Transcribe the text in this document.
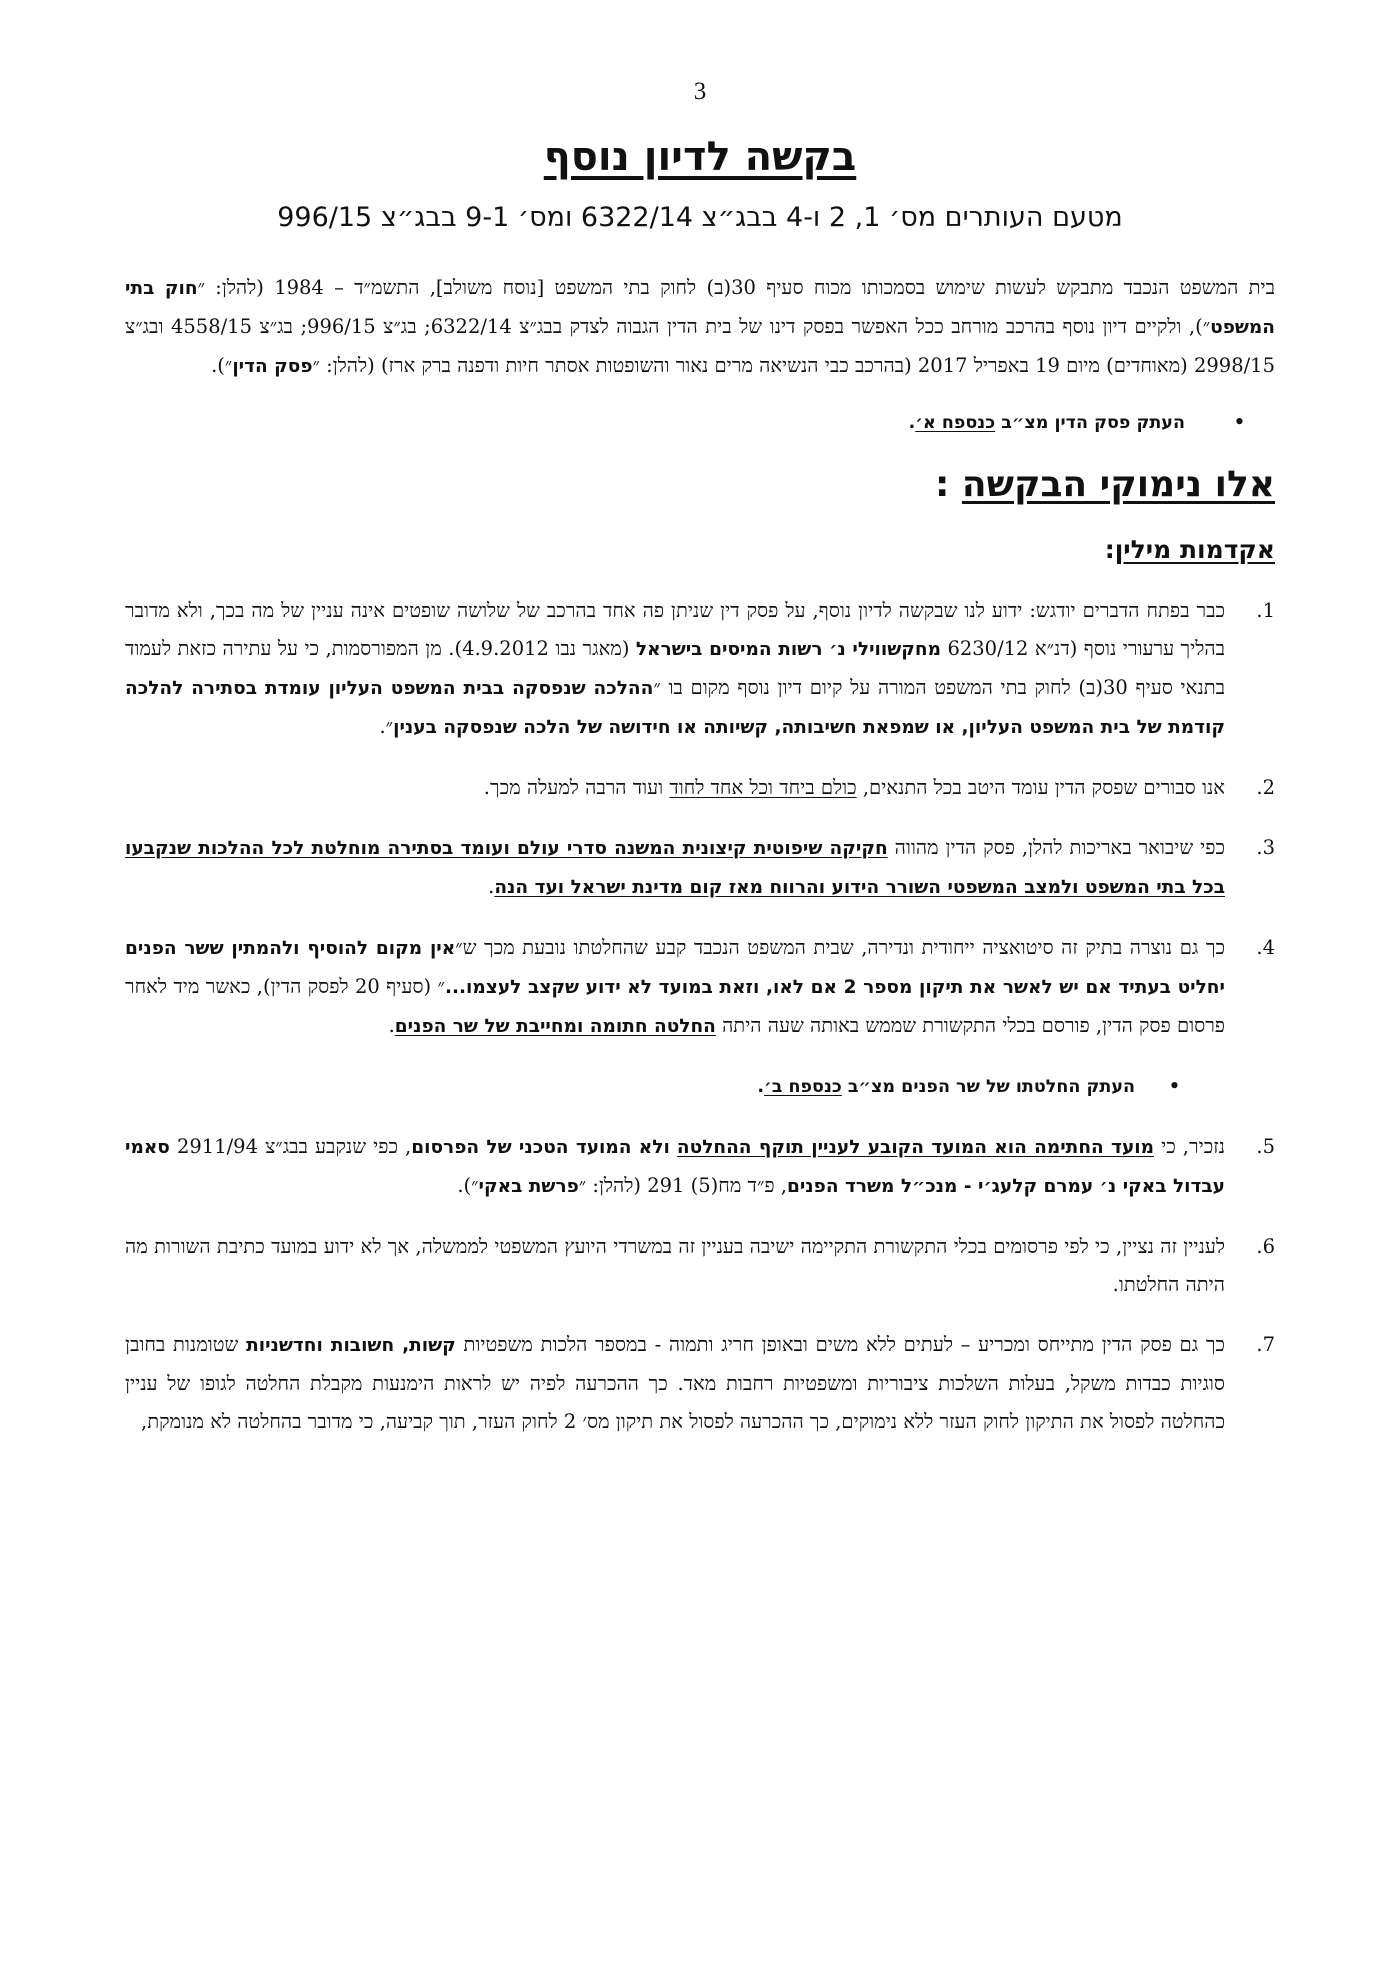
3
בקשה לדיון נוסף
מטעם העותרים מס׳ 1, 2 ו-4 בבג״צ 6322/14 ומס׳ 9-1 בבג״צ 996/15

בית המשפט הנכבד מתבקש לעשות שימוש בסמכותו מכוח סעיף 30(ב) לחוק בתי המשפט [נוסח משולב], התשמ״ד – 1984 (להלן: ״חוק בתי המשפט״), ולקיים דיון נוסף בהרכב מורחב ככל האפשר בפסק דינו של בית הדין הגבוה לצדק בבג״צ 6322/14; בג״צ 996/15; בג״צ 4558/15 ובג״צ 2998/15 (מאוחדים) מיום 19 באפריל 2017 (בהרכב כבי הנשיאה מרים נאור והשופטות אסתר חיות ודפנה ברק ארז) (להלן: ״פסק הדין״).

• העתק פסק הדין מצ״ב כנספח א׳.
אלו נימוקי הבקשה :
אקדמות מילין:
1.
כבר בפתח הדברים יודגש: ידוע לנו שבקשה לדיון נוסף, על פסק דין שניתן פה אחד בהרכב של שלושה שופטים אינה עניין של מה בכך, ולא מדובר בהליך ערעורי נוסף (דנ״א 6230/12 מחקשווילי נ׳ רשות המיסים בישראל (מאגר נבו 4.9.2012). מן המפורסמות, כי על עתירה כזאת לעמוד בתנאי סעיף 30(ב) לחוק בתי המשפט המורה על קיום דיון נוסף מקום בו ״ההלכה שנפסקה בבית המשפט העליון עומדת בסתירה להלכה קודמת של בית המשפט העליון, או שמפאת חשיבותה, קשיותה או חידושה של הלכה שנפסקה בענין״.
2.
אנו סבורים שפסק הדין עומד היטב בכל התנאים, כולם ביחד וכל אחד לחוד ועוד הרבה למעלה מכך.
3.
כפי שיבואר באריכות להלן, פסק הדין מהווה חקיקה שיפוטית קיצונית המשנה סדרי עולם ועומד בסתירה מוחלטת לכל ההלכות שנקבעו בכל בתי המשפט ולמצב המשפטי השורר הידוע והרווח מאז קום מדינת ישראל ועד הנה.
4.
כך גם נוצרה בתיק זה סיטואציה ייחודית ונדירה, שבית המשפט הנכבד קבע שהחלטתו נובעת מכך ש״אין מקום להוסיף ולהמתין ששר הפנים יחליט בעתיד אם יש לאשר את תיקון מספר 2 אם לאו, וזאת במועד לא ידוע שקצב לעצמו...״ (סעיף 20 לפסק הדין), כאשר מיד לאחר פרסום פסק הדין, פורסם בכלי התקשורת שממש באותה שעה היתה החלטה חתומה ומחייבת של שר הפנים.
• העתק החלטתו של שר הפנים מצ״ב כנספח ב׳.
5.
נזכיר, כי מועד החתימה הוא המועד הקובע לעניין תוקף ההחלטה ולא המועד הטכני של הפרסום, כפי שנקבע בבג״צ 2911/94 סאמי עבדול באקי נ׳ עמרם קלעג׳י - מנכ״ל משרד הפנים, פ״ד מח(5) 291 (להלן: ״פרשת באקי״).
6.
לעניין זה נציין, כי לפי פרסומים בכלי התקשורת התקיימה ישיבה בעניין זה במשרדי היועץ המשפטי לממשלה, אך לא ידוע במועד כתיבת השורות מה היתה החלטתו.
7.
כך גם פסק הדין מתייחס ומכריע – לעתים ללא משים ובאופן חריג ותמוה - במספר הלכות משפטיות קשות, חשובות וחדשניות שטומנות בחובן סוגיות כבדות משקל, בעלות השלכות ציבוריות ומשפטיות רחבות מאד. כך ההכרעה לפיה יש לראות הימנעות מקבלת החלטה לגופו של עניין כהחלטה לפסול את התיקון לחוק העזר ללא נימוקים, כך ההכרעה לפסול את תיקון מס׳ 2 לחוק העזר, תוך קביעה, כי מדובר בהחלטה לא מנומקת,
